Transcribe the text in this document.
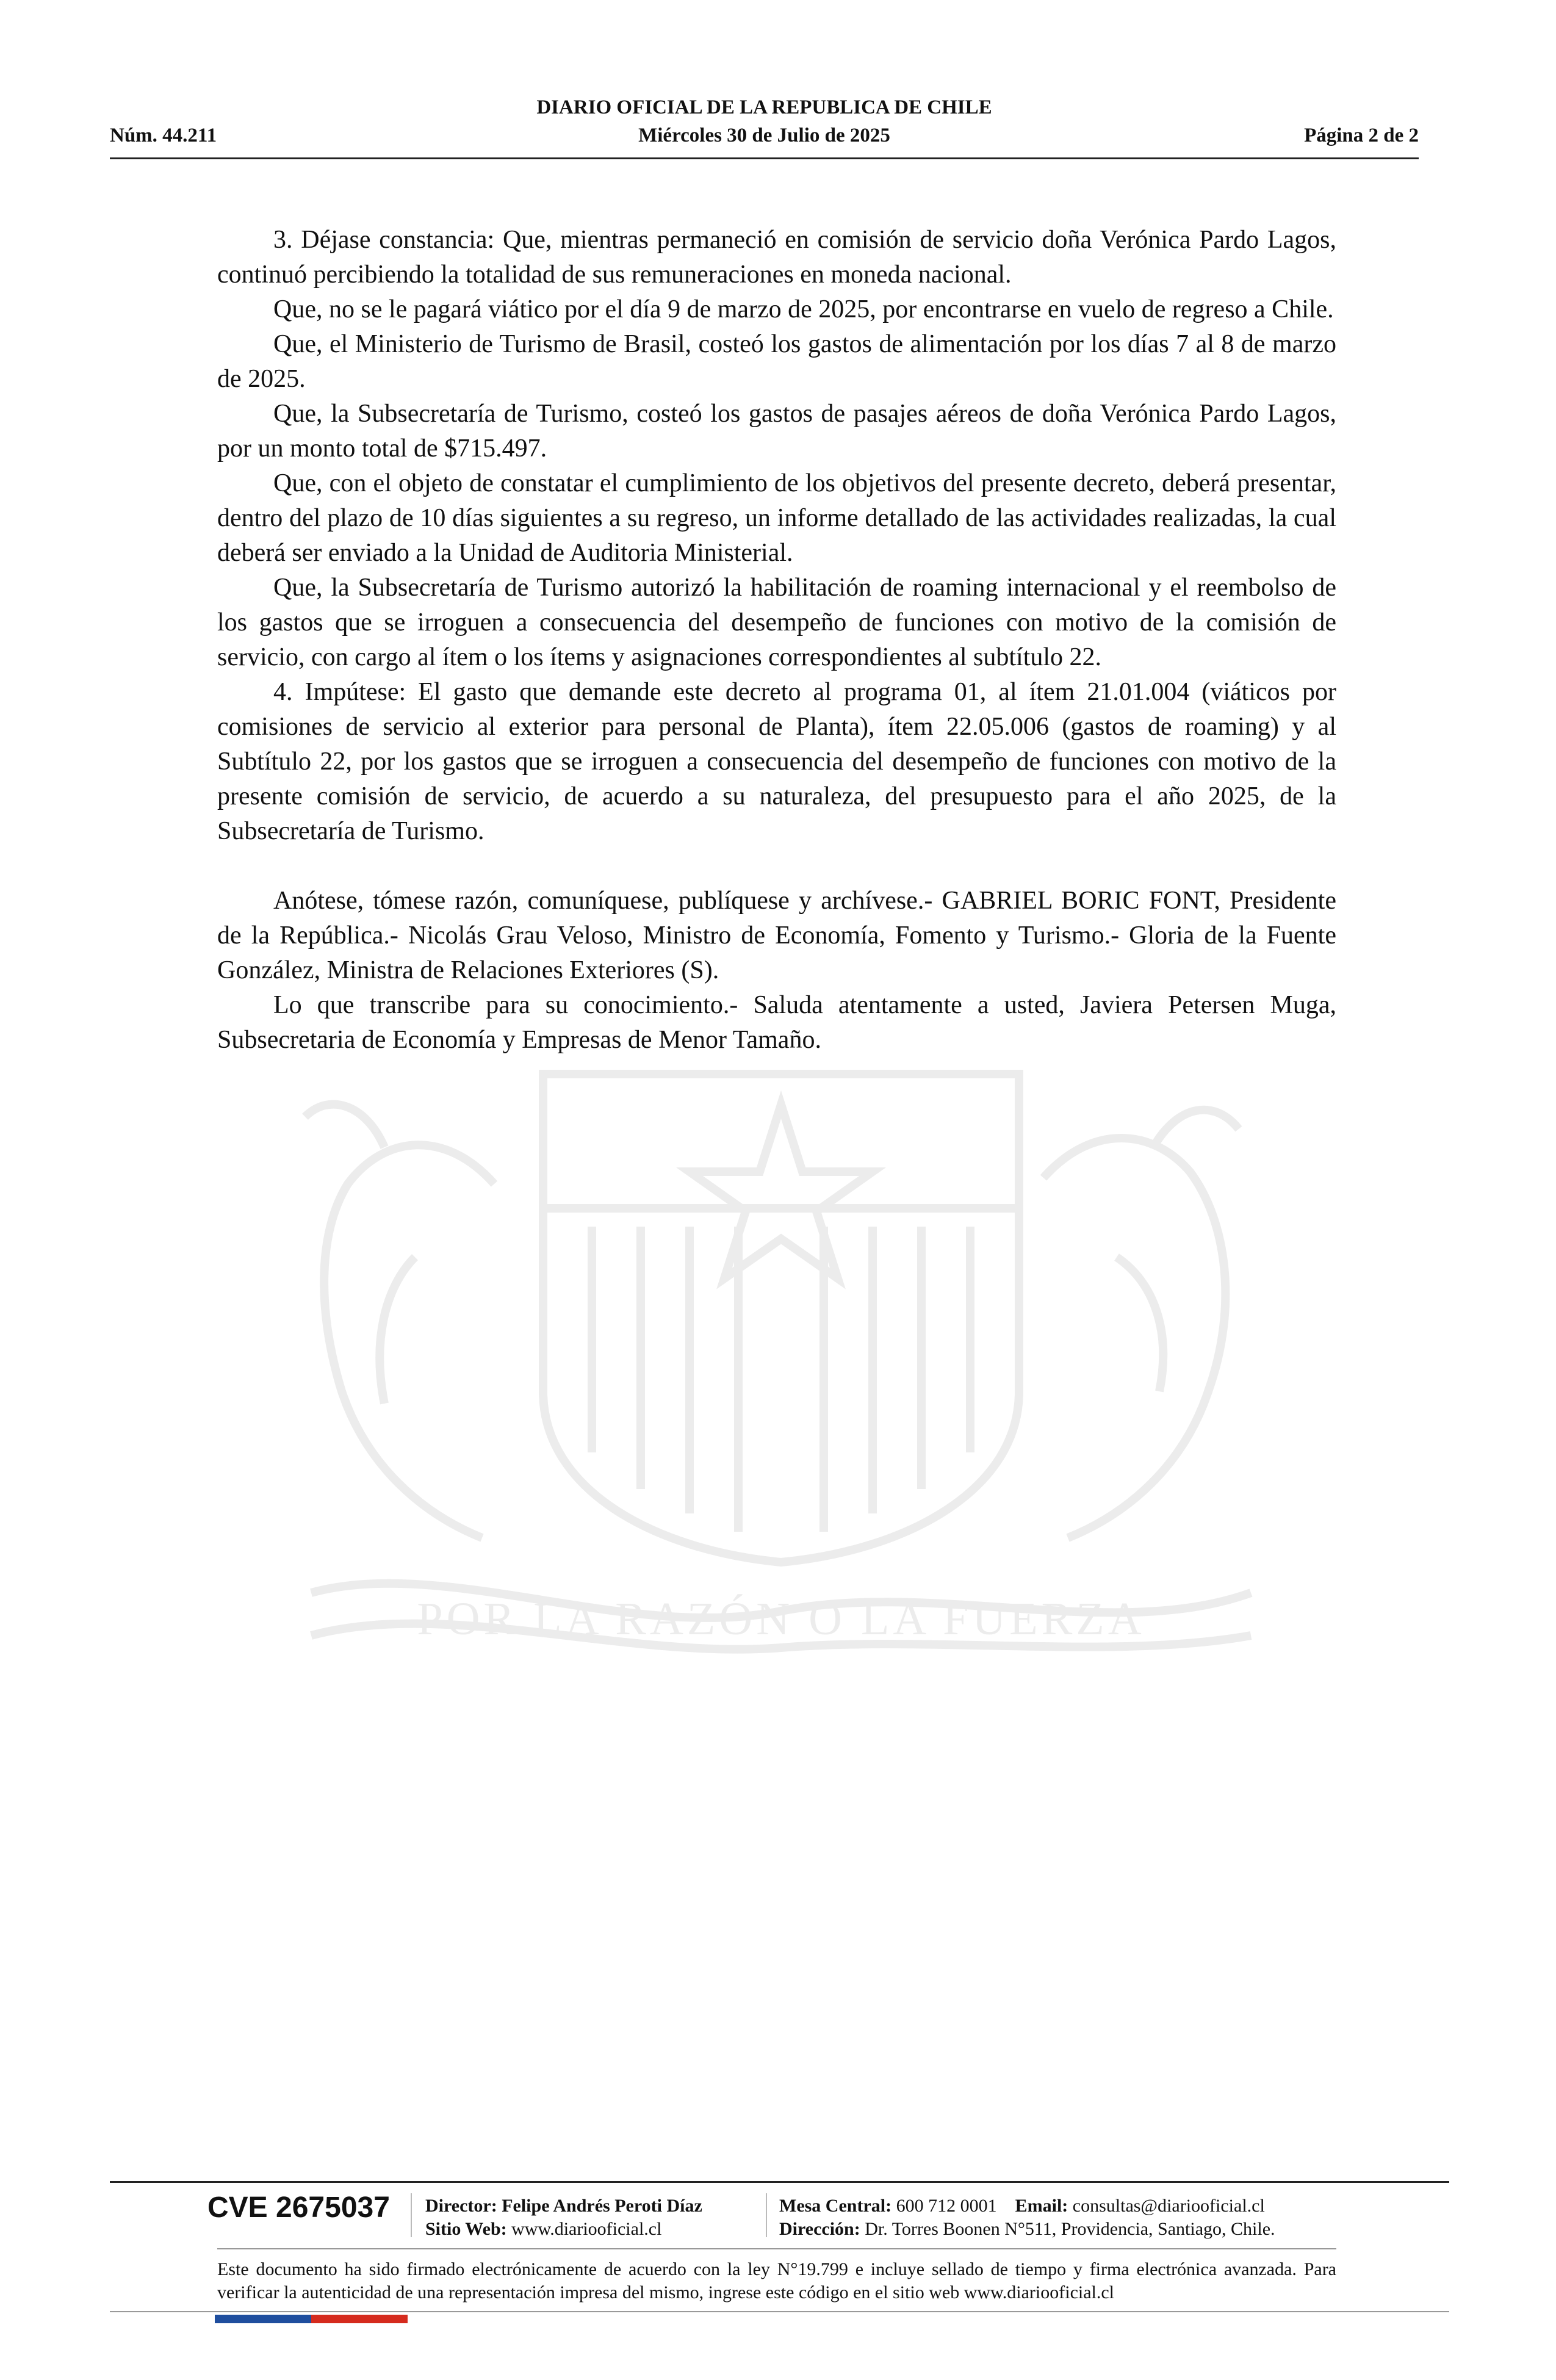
Núm. 44.211
DIARIO OFICIAL DE LA REPUBLICA DE CHILE
Miércoles 30 de Julio de 2025	Página 2 de 2
POR LA RAZÓN O LA FUERZA

3. Déjase constancia: Que, mientras permaneció en comisión de servicio doña Verónica Pardo Lagos, continuó percibiendo la totalidad de sus remuneraciones en moneda nacional.

Que, no se le pagará viático por el día 9 de marzo de 2025, por encontrarse en vuelo de regreso a Chile.

Que, el Ministerio de Turismo de Brasil, costeó los gastos de alimentación por los días 7 al 8 de marzo de 2025.

Que, la Subsecretaría de Turismo, costeó los gastos de pasajes aéreos de doña Verónica Pardo Lagos, por un monto total de $715.497.

Que, con el objeto de constatar el cumplimiento de los objetivos del presente decreto, deberá presentar, dentro del plazo de 10 días siguientes a su regreso, un informe detallado de las actividades realizadas, la cual deberá ser enviado a la Unidad de Auditoria Ministerial.

Que, la Subsecretaría de Turismo autorizó la habilitación de roaming internacional y el reembolso de los gastos que se irroguen a consecuencia del desempeño de funciones con motivo de la comisión de servicio, con cargo al ítem o los ítems y asignaciones correspondientes al subtítulo 22.

4. Impútese: El gasto que demande este decreto al programa 01, al ítem 21.01.004 (viáticos por comisiones de servicio al exterior para personal de Planta), ítem 22.05.006 (gastos de roaming) y al Subtítulo 22, por los gastos que se irroguen a consecuencia del desempeño de funciones con motivo de la presente comisión de servicio, de acuerdo a su naturaleza, del presupuesto para el año 2025, de la Subsecretaría de Turismo.

Anótese, tómese razón, comuníquese, publíquese y archívese.- GABRIEL BORIC FONT, Presidente de la República.- Nicolás Grau Veloso, Ministro de Economía, Fomento y Turismo.- Gloria de la Fuente González, Ministra de Relaciones Exteriores (S).

Lo que transcribe para su conocimiento.- Saluda atentamente a usted, Javiera Petersen Muga, Subsecretaria de Economía y Empresas de Menor Tamaño.

CVE 2675037 Director: Felipe Andrés Peroti Díaz
Sitio Web: www.diariooficial.cl
Mesa Central: 600 712 0001 Email: consultas@diariooficial.cl
Dirección: Dr. Torres Boonen N°511, Providencia, Santiago, Chile.
Este documento ha sido firmado electrónicamente de acuerdo con la ley N°19.799 e incluye sellado de tiempo y firma electrónica avanzada. Para verificar la autenticidad de una representación impresa del mismo, ingrese este código en el sitio web www.diariooficial.cl
